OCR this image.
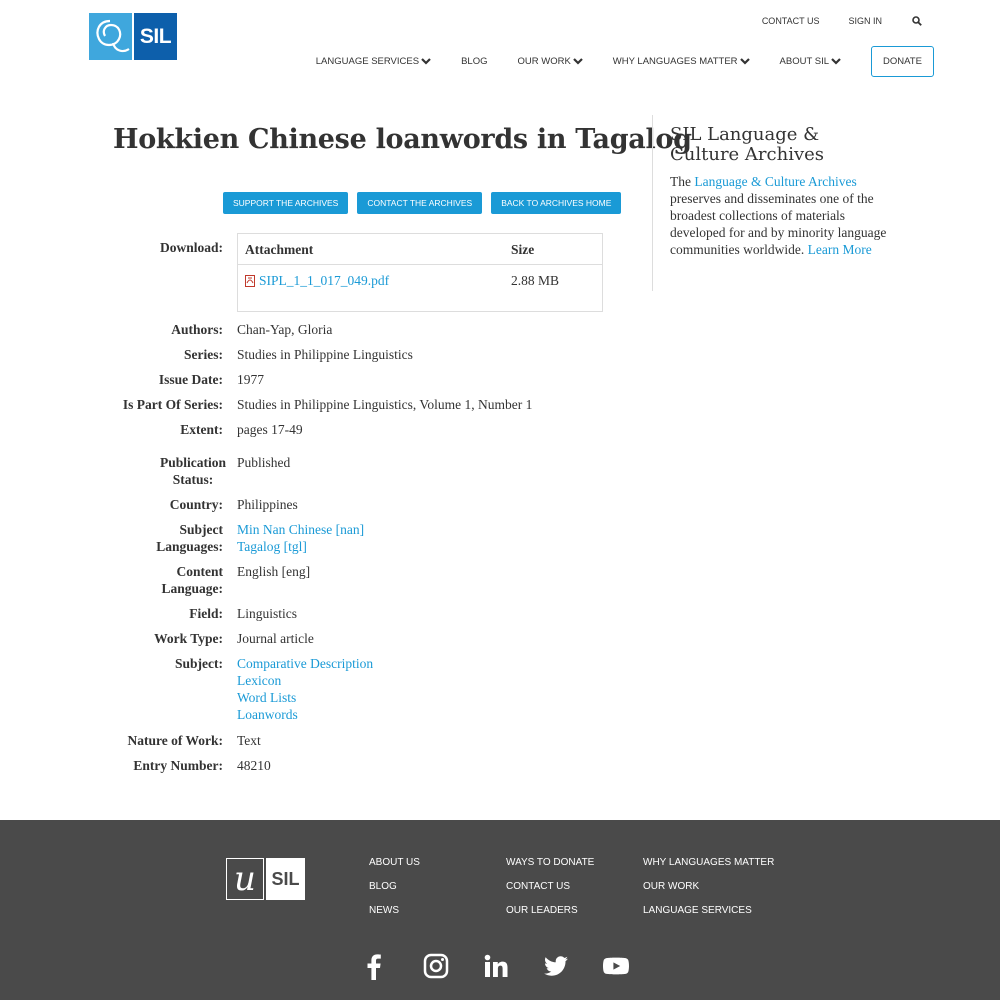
SIL
CONTACT US	SIGN IN
LANGUAGE SERVICES	BLOG	OUR WORK	WHY LANGUAGES MATTER	ABOUT SIL	DONATE
Hokkien Chinese loanwords in Tagalog
SUPPORT THE ARCHIVES	CONTACT THE ARCHIVES	BACK TO ARCHIVES HOME
Download: Attachment	Size
SIPL_1_1_017_049.pdf	2.88 MB
Authors: Chan-Yap, Gloria
Series: Studies in Philippine Linguistics
Issue Date: 1977
Is Part Of Series: Studies in Philippine Linguistics, Volume 1, Number 1
Extent: pages 17-49
Publication
Status:
Published
Country: Philippines
Subject
Languages:
Min Nan Chinese [nan]
Tagalog [tgl]
Content
Language:
English [eng]
Field: Linguistics
Work Type: Journal article
Subject: Comparative Description
Lexicon
Word Lists
Loanwords
Nature of Work: Text
Entry Number: 48210
SIL Language & Culture Archives

The Language & Culture Archives preserves and disseminates one of the broadest collections of materials developed for and by minority language communities worldwide. Learn More

u SIL
ABOUT US
BLOG
NEWS
WAYS TO DONATE
CONTACT US
OUR LEADERS
WHY LANGUAGES MATTER
OUR WORK
LANGUAGE SERVICES
